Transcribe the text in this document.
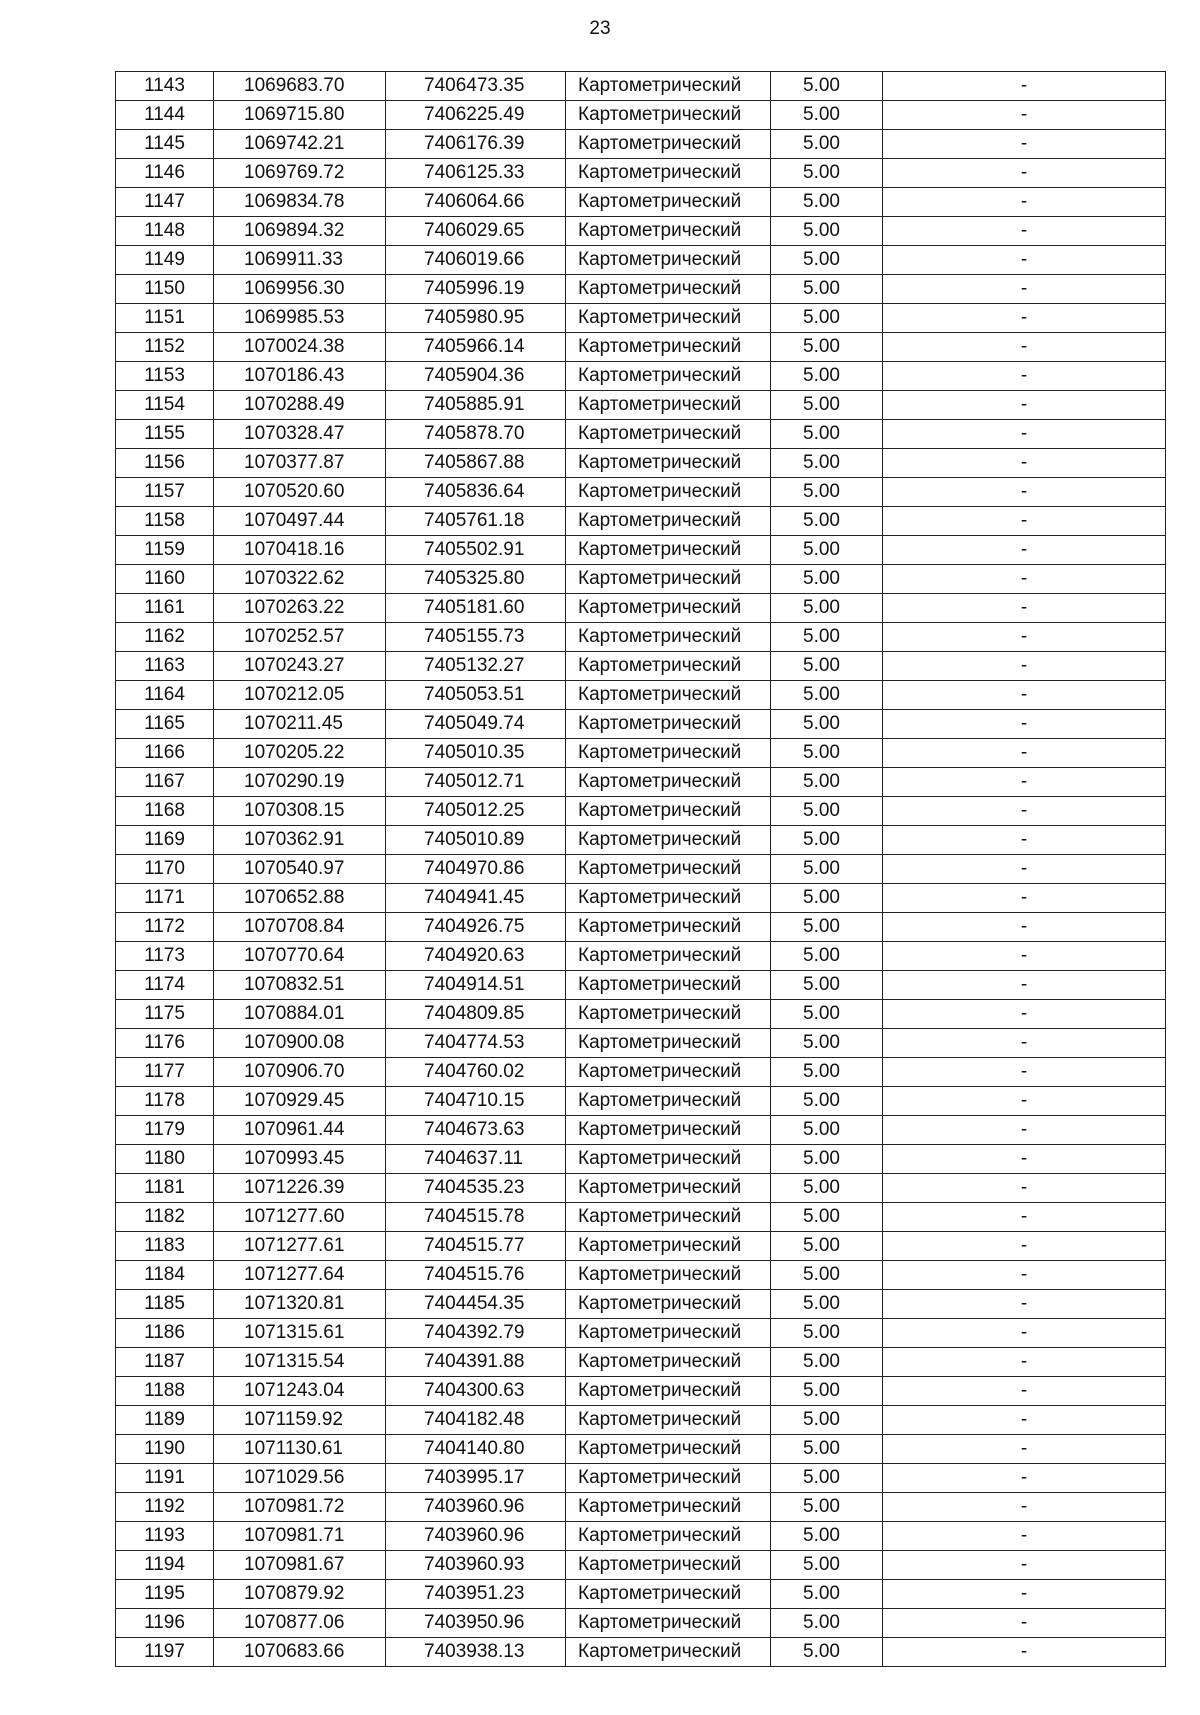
23
1143	1069683.70	7406473.35	Картометрический	5.00	-
1144	1069715.80	7406225.49	Картометрический	5.00	-
1145	1069742.21	7406176.39	Картометрический	5.00	-
1146	1069769.72	7406125.33	Картометрический	5.00	-
1147	1069834.78	7406064.66	Картометрический	5.00	-
1148	1069894.32	7406029.65	Картометрический	5.00	-
1149	1069911.33	7406019.66	Картометрический	5.00	-
1150	1069956.30	7405996.19	Картометрический	5.00	-
1151	1069985.53	7405980.95	Картометрический	5.00	-
1152	1070024.38	7405966.14	Картометрический	5.00	-
1153	1070186.43	7405904.36	Картометрический	5.00	-
1154	1070288.49	7405885.91	Картометрический	5.00	-
1155	1070328.47	7405878.70	Картометрический	5.00	-
1156	1070377.87	7405867.88	Картометрический	5.00	-
1157	1070520.60	7405836.64	Картометрический	5.00	-
1158	1070497.44	7405761.18	Картометрический	5.00	-
1159	1070418.16	7405502.91	Картометрический	5.00	-
1160	1070322.62	7405325.80	Картометрический	5.00	-
1161	1070263.22	7405181.60	Картометрический	5.00	-
1162	1070252.57	7405155.73	Картометрический	5.00	-
1163	1070243.27	7405132.27	Картометрический	5.00	-
1164	1070212.05	7405053.51	Картометрический	5.00	-
1165	1070211.45	7405049.74	Картометрический	5.00	-
1166	1070205.22	7405010.35	Картометрический	5.00	-
1167	1070290.19	7405012.71	Картометрический	5.00	-
1168	1070308.15	7405012.25	Картометрический	5.00	-
1169	1070362.91	7405010.89	Картометрический	5.00	-
1170	1070540.97	7404970.86	Картометрический	5.00	-
1171	1070652.88	7404941.45	Картометрический	5.00	-
1172	1070708.84	7404926.75	Картометрический	5.00	-
1173	1070770.64	7404920.63	Картометрический	5.00	-
1174	1070832.51	7404914.51	Картометрический	5.00	-
1175	1070884.01	7404809.85	Картометрический	5.00	-
1176	1070900.08	7404774.53	Картометрический	5.00	-
1177	1070906.70	7404760.02	Картометрический	5.00	-
1178	1070929.45	7404710.15	Картометрический	5.00	-
1179	1070961.44	7404673.63	Картометрический	5.00	-
1180	1070993.45	7404637.11	Картометрический	5.00	-
1181	1071226.39	7404535.23	Картометрический	5.00	-
1182	1071277.60	7404515.78	Картометрический	5.00	-
1183	1071277.61	7404515.77	Картометрический	5.00	-
1184	1071277.64	7404515.76	Картометрический	5.00	-
1185	1071320.81	7404454.35	Картометрический	5.00	-
1186	1071315.61	7404392.79	Картометрический	5.00	-
1187	1071315.54	7404391.88	Картометрический	5.00	-
1188	1071243.04	7404300.63	Картометрический	5.00	-
1189	1071159.92	7404182.48	Картометрический	5.00	-
1190	1071130.61	7404140.80	Картометрический	5.00	-
1191	1071029.56	7403995.17	Картометрический	5.00	-
1192	1070981.72	7403960.96	Картометрический	5.00	-
1193	1070981.71	7403960.96	Картометрический	5.00	-
1194	1070981.67	7403960.93	Картометрический	5.00	-
1195	1070879.92	7403951.23	Картометрический	5.00	-
1196	1070877.06	7403950.96	Картометрический	5.00	-
1197	1070683.66	7403938.13	Картометрический	5.00	-
